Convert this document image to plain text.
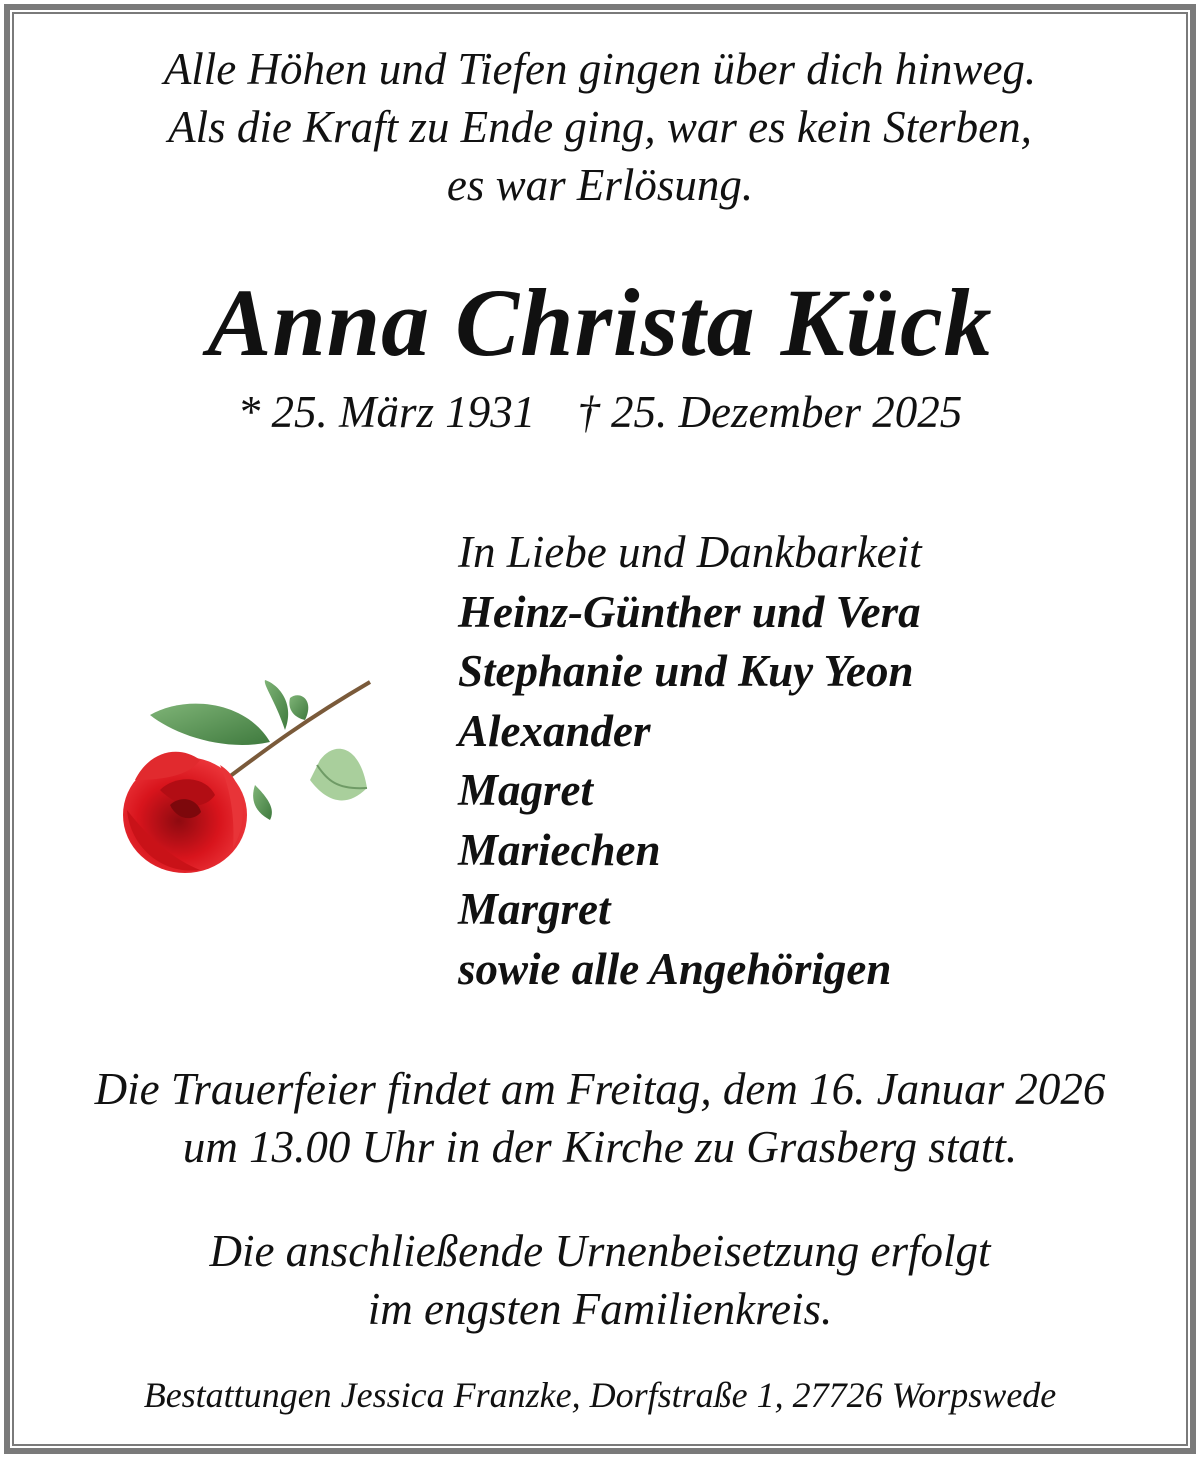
Alle Höhen und Tiefen gingen über dich hinweg.
Als die Kraft zu Ende ging, war es kein Sterben,
es war Erlösung.
Anna Christa Kück
* 25. März 1931 † 25. Dezember 2025
In Liebe und Dankbarkeit
Heinz-Günther und Vera
Stephanie und Kuy Yeon
Alexander
Magret
Mariechen
Margret
sowie alle Angehörigen
Die Trauerfeier findet am Freitag, dem 16. Januar 2026
um 13.00 Uhr in der Kirche zu Grasberg statt.
Die anschließende Urnenbeisetzung erfolgt
im engsten Familienkreis.
Bestattungen Jessica Franzke, Dorfstraße 1, 27726 Worpswede
